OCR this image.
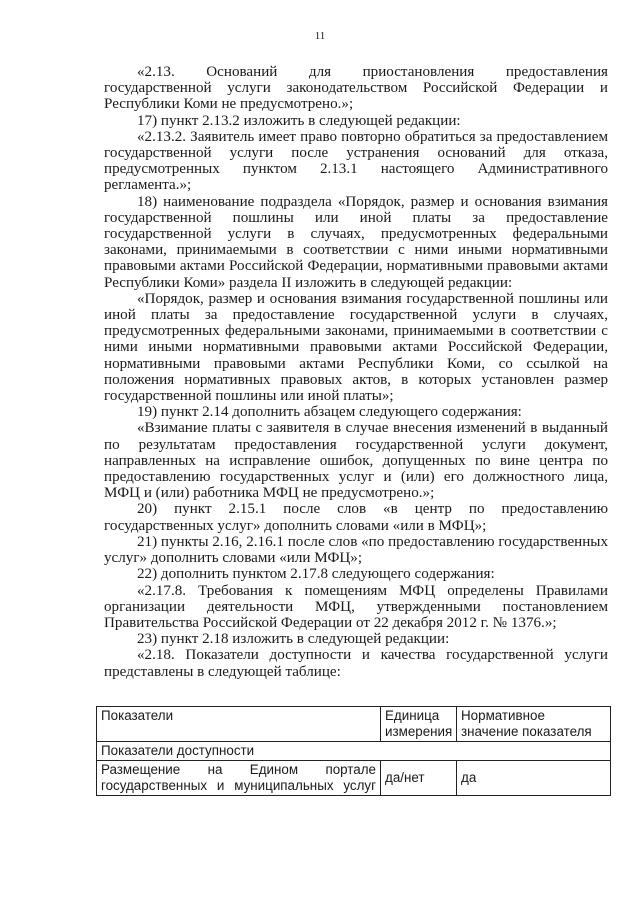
11

«2.13. Оснований для приостановления предоставления государственной услуги законодательством Российской Федерации и Республики Коми не предусмотрено.»;

17) пункт 2.13.2 изложить в следующей редакции:

«2.13.2. Заявитель имеет право повторно обратиться за предоставлением государственной услуги после устранения оснований для отказа, предусмотренных пунктом 2.13.1 настоящего Административного регламента.»;

18) наименование подраздела «Порядок, размер и основания взимания государственной пошлины или иной платы за предоставление государственной услуги в случаях, предусмотренных федеральными законами, принимаемыми в соответствии с ними иными нормативными правовыми актами Российской Федерации, нормативными правовыми актами Республики Коми» раздела II изложить в следующей редакции:

«Порядок, размер и основания взимания государственной пошлины или иной платы за предоставление государственной услуги в случаях, предусмотренных федеральными законами, принимаемыми в соответствии с ними иными нормативными правовыми актами Российской Федерации, нормативными правовыми актами Республики Коми, со ссылкой на положения нормативных правовых актов, в которых установлен размер государственной пошлины или иной платы»;

19) пункт 2.14 дополнить абзацем следующего содержания:

«Взимание платы с заявителя в случае внесения изменений в выданный по результатам предоставления государственной услуги документ, направленных на исправление ошибок, допущенных по вине центра по предоставлению государственных услуг и (или) его должностного лица, МФЦ и (или) работника МФЦ не предусмотрено.»;

20) пункт 2.15.1 после слов «в центр по предоставлению государственных услуг» дополнить словами «или в МФЦ»;

21) пункты 2.16, 2.16.1 после слов «по предоставлению государственных услуг» дополнить словами «или МФЦ»;

22) дополнить пунктом 2.17.8 следующего содержания:

«2.17.8. Требования к помещениям МФЦ определены Правилами организации деятельности МФЦ, утвержденными постановлением Правительства Российской Федерации от 22 декабря 2012 г. № 1376.»;

23) пункт 2.18 изложить в следующей редакции:

«2.18. Показатели доступности и качества государственной услуги представлены в следующей таблице:

Показатели	Единица измерения	Нормативное значение показателя
Показатели доступности		
Размещение на Едином портале государственных и муниципальных услуг	да/нет	да
